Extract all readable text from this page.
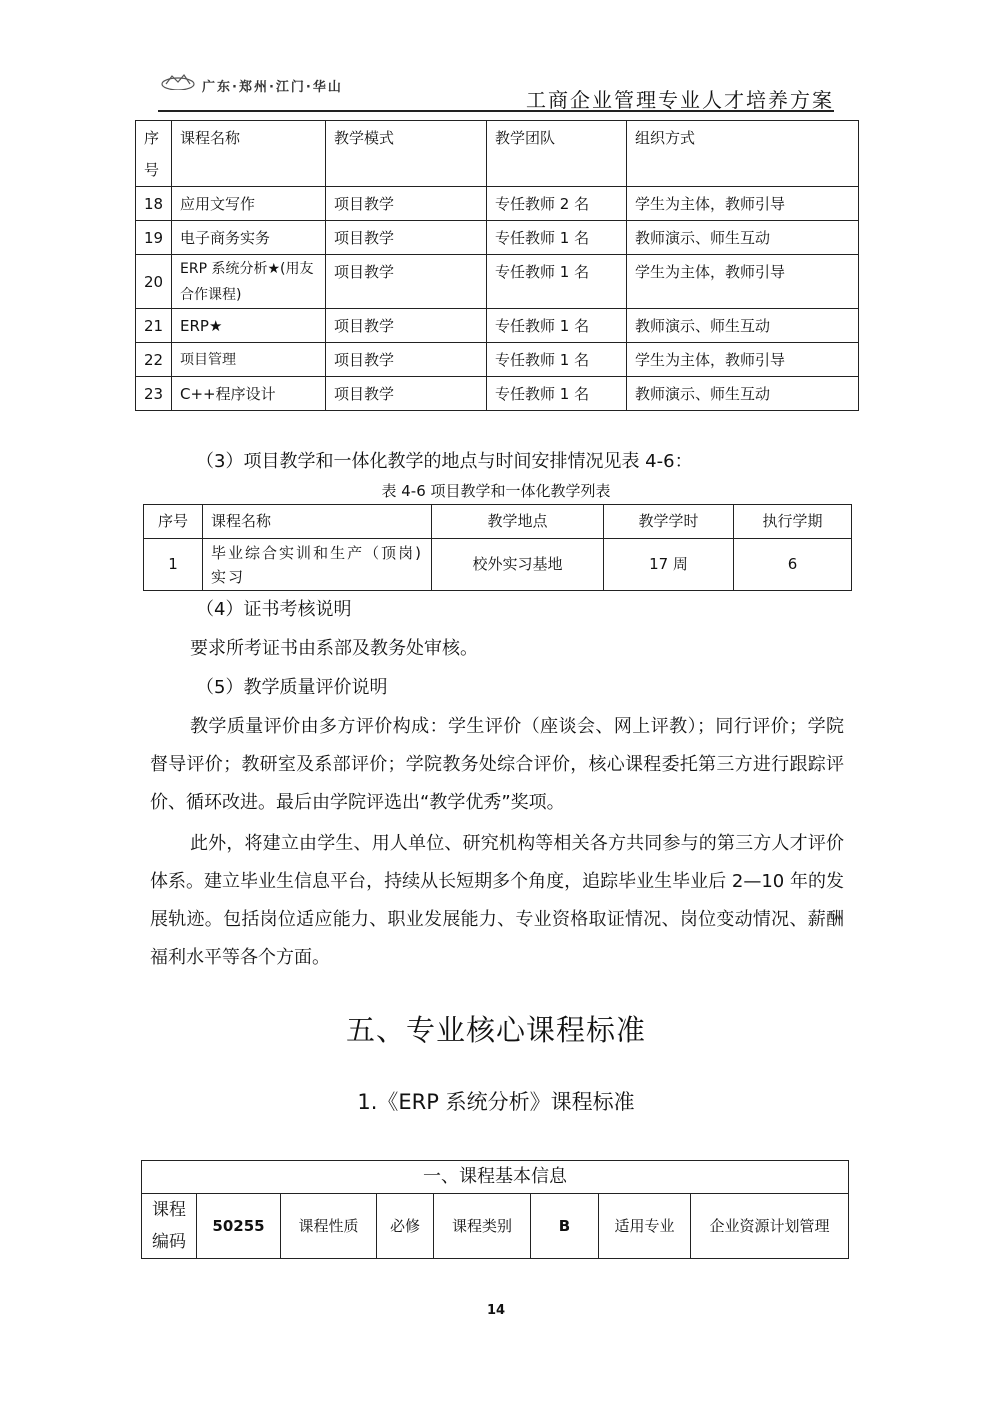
广东·郑州·江门·华山
工商企业管理专业人才培养方案
序号	课程名称	教学模式	教学团队	组织方式
18	应用文写作	项目教学	专任教师 2 名	学生为主体，教师引导
19	电子商务实务	项目教学	专任教师 1 名	教师演示、师生互动
20	ERP 系统分析★(用友合作课程)	项目教学	专任教师 1 名	学生为主体，教师引导
21	ERP★	项目教学	专任教师 1 名	教师演示、师生互动
22	项目管理	项目教学	专任教师 1 名	学生为主体，教师引导
23	C++程序设计	项目教学	专任教师 1 名	教师演示、师生互动
（3）项目教学和一体化教学的地点与时间安排情况见表 4-6：
表 4-6 项目教学和一体化教学列表
序号	课程名称	教学地点	教学学时	执行学期
1	毕业综合实训和生产（顶岗)实习	校外实习基地	17 周	6
（4）证书考核说明
要求所考证书由系部及教务处审核。
（5）教学质量评价说明
教学质量评价由多方评价构成：学生评价（座谈会、网上评教）；同行评价；学院督导评价；教研室及系部评价；学院教务处综合评价，核心课程委托第三方进行跟踪评价、循环改进。最后由学院评选出“教学优秀”奖项。
此外，将建立由学生、用人单位、研究机构等相关各方共同参与的第三方人才评价体系。建立毕业生信息平台，持续从长短期多个角度，追踪毕业生毕业后 2—10 年的发展轨迹。包括岗位适应能力、职业发展能力、专业资格取证情况、岗位变动情况、薪酬福利水平等各个方面。
五、专业核心课程标准
1.《ERP 系统分析》课程标准
一、课程基本信息
课程编码	50255	课程性质	必修	课程类别	B	适用专业	企业资源计划管理
14
